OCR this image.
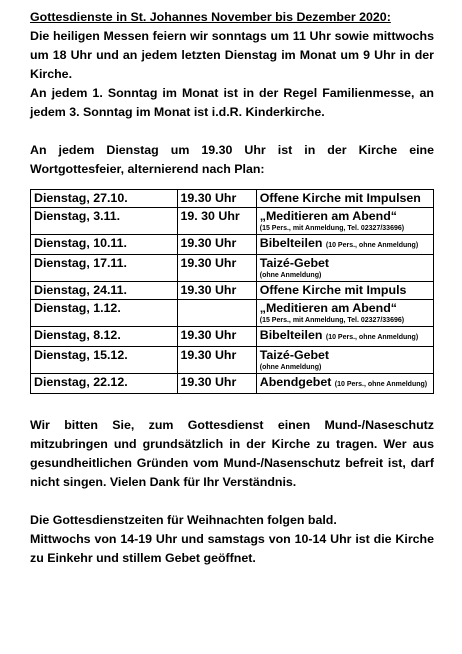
Gottesdienste in St. Johannes November bis Dezember 2020:

Die heiligen Messen feiern wir sonntags um 11 Uhr sowie mittwochs um 18 Uhr und an jedem letzten Dienstag im Monat um 9 Uhr in der Kirche.

An jedem 1. Sonntag im Monat ist in der Regel Familienmesse, an jedem 3. Sonntag im Monat ist i.d.R. Kinderkirche.

An jedem Dienstag um 19.30 Uhr ist in der Kirche eine Wortgottesfeier, alternierend nach Plan:

Dienstag, 27.10.	19.30 Uhr	Offene Kirche mit Impulsen
Dienstag, 3.11.	19. 30 Uhr	„Meditieren am Abend“
(15 Pers., mit Anmeldung, Tel. 02327/33696)

Dienstag, 10.11.	19.30 Uhr	Bibelteilen (10 Pers., ohne Anmeldung)
Dienstag, 17.11.	19.30 Uhr	Taizé-Gebet
(ohne Anmeldung)

Dienstag, 24.11.	19.30 Uhr	Offene Kirche mit Impuls
Dienstag, 1.12.		„Meditieren am Abend“
(15 Pers., mit Anmeldung, Tel. 02327/33696)

Dienstag, 8.12.	19.30 Uhr	Bibelteilen (10 Pers., ohne Anmeldung)
Dienstag, 15.12.	19.30 Uhr	Taizé-Gebet
(ohne Anmeldung)

Dienstag, 22.12.	19.30 Uhr	Abendgebet (10 Pers., ohne Anmeldung)

Wir bitten Sie, zum Gottesdienst einen Mund-/Naseschutz mitzubringen und grundsätzlich in der Kirche zu tragen. Wer aus gesundheitlichen Gründen vom Mund-/Nasenschutz befreit ist, darf nicht singen. Vielen Dank für Ihr Verständnis.

Die Gottesdienstzeiten für Weihnachten folgen bald.

Mittwochs von 14-19 Uhr und samstags von 10-14 Uhr ist die Kirche zu Einkehr und stillem Gebet geöffnet.
